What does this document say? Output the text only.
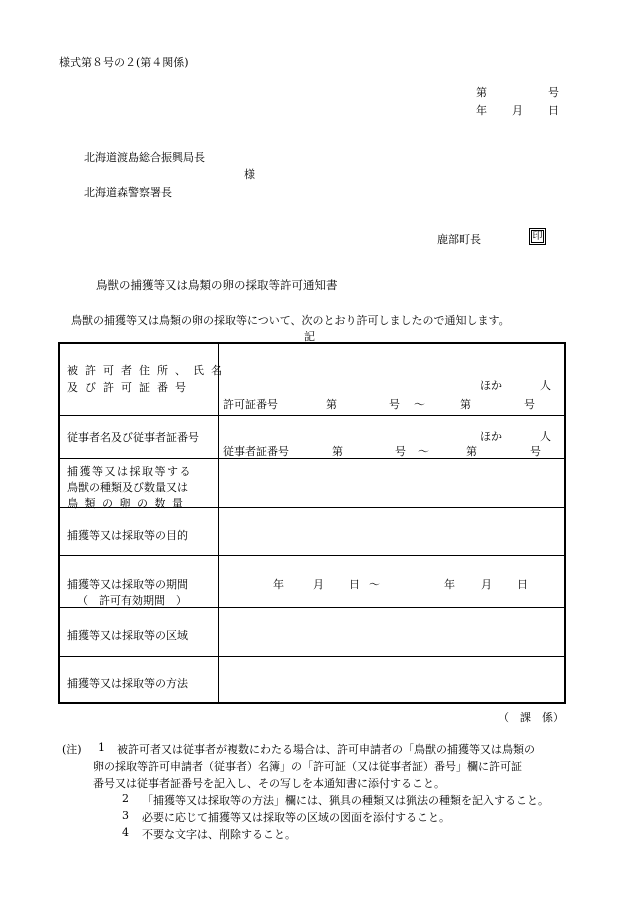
様式第８号の２(第４関係)
第	号
年 月 日
北海道渡島総合振興局長
様
北海道森警察署長
鹿部町長	印
鳥獣の捕獲等又は鳥類の卵の採取等許可通知書
鳥獣の捕獲等又は鳥類の卵の採取等について、次のとおり許可しましたので通知します。
記
被許可者住所、氏名
及び許可証番号	ほか	人
許可証番号	第	号 ～	第	号
従事者名及び従事者証番号	ほか	人
従事者証番号	第	号 ～	第	号
捕獲等又は採取等する
鳥獣の種類及び数量又は
鳥類の卵の数量
捕獲等又は採取等の目的
捕獲等又は採取等の期間
（　許可有効期間　）
年	月 日 ～	年 月 日
捕獲等又は採取等の区域
捕獲等又は採取等の方法
（　課　係）
(注) 1 被許可者又は従事者が複数にわたる場合は、許可申請者の「鳥獣の捕獲等又は鳥類の
卵の採取等許可申請者（従事者）名簿」の「許可証（又は従事者証）番号」欄に許可証
番号又は従事者証番号を記入し、その写しを本通知書に添付すること。
2 「捕獲等又は採取等の方法」欄には、猟具の種類又は猟法の種類を記入すること。
3 必要に応じて捕獲等又は採取等の区域の図面を添付すること。
4 不要な文字は、削除すること。
